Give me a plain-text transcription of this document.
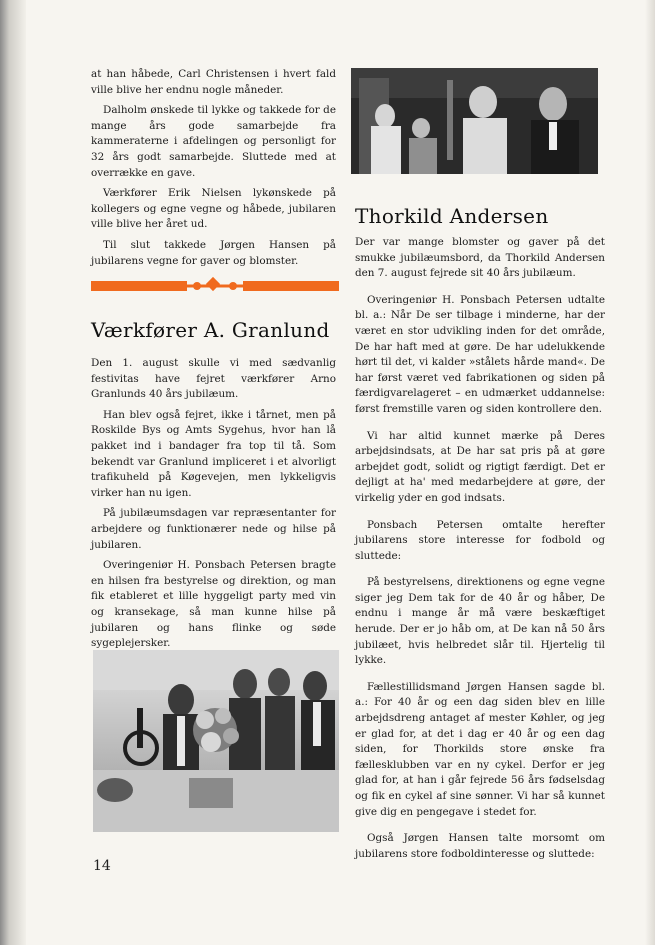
at han håbede, Carl Christensen i hvert fald ville blive her endnu nogle måneder.

Dalholm ønskede til lykke og takkede for de mange års gode samarbejde fra kammeraterne i afdelingen og personligt for 32 års godt samarbejde. Sluttede med at overrække en gave.

Værkfører Erik Nielsen lykønskede på kollegers og egne vegne og håbede, jubilaren ville blive her året ud.

Til slut takkede Jørgen Hansen på jubilarens vegne for gaver og blomster.

Værkfører A. Granlund

Den 1. august skulle vi med sædvanlig festivitas have fejret værkfører Arno Granlunds 40 års jubilæum.

Han blev også fejret, ikke i tårnet, men på Roskilde Bys og Amts Sygehus, hvor han lå pakket ind i bandager fra top til tå. Som bekendt var Granlund impliceret i et alvorligt trafikuheld på Køgevejen, men lykkeligvis virker han nu igen.

På jubilæumsdagen var repræsentanter for arbejdere og funktionærer nede og hilse på jubilaren.

Overingeniør H. Ponsbach Petersen bragte en hilsen fra bestyrelse og direktion, og man fik etableret et lille hyggeligt party med vin og kransekage, så man kunne hilse på jubilaren og hans flinke og søde sygeplejersker.

Thorkild Andersen

Der var mange blomster og gaver på det smukke jubilæumsbord, da Thorkild Andersen den 7. august fejrede sit 40 års jubilæum.

Overingeniør H. Ponsbach Petersen udtalte bl. a.: Når De ser tilbage i minderne, har der været en stor udvikling inden for det område, De har haft med at gøre. De har udelukkende hørt til det, vi kalder »stålets hårde mand«. De har først været ved fabrikationen og siden på færdigvarelageret – en udmærket uddannelse: først fremstille varen og siden kontrollere den.

Vi har altid kunnet mærke på Deres arbejdsindsats, at De har sat pris på at gøre arbejdet godt, solidt og rigtigt færdigt. Det er dejligt at ha' med medarbejdere at gøre, der virkelig yder en god indsats.

Ponsbach Petersen omtalte herefter jubilarens store interesse for fodbold og sluttede:

På bestyrelsens, direktionens og egne vegne siger jeg Dem tak for de 40 år og håber, De endnu i mange år må være beskæftiget herude. Der er jo håb om, at De kan nå 50 års jubilæet, hvis helbredet slår til. Hjertelig til lykke.

Fællestillidsmand Jørgen Hansen sagde bl. a.: For 40 år og een dag siden blev en lille arbejdsdreng antaget af mester Køhler, og jeg er glad for, at det i dag er 40 år og een dag siden, for Thorkilds store ønske fra fællesklubben var en ny cykel. Derfor er jeg glad for, at han i går fejrede 56 års fødselsdag og fik en cykel af sine sønner. Vi har så kunnet give dig en pengegave i stedet for.

Også Jørgen Hansen talte morsomt om jubilarens store fodboldinteresse og sluttede:

14
